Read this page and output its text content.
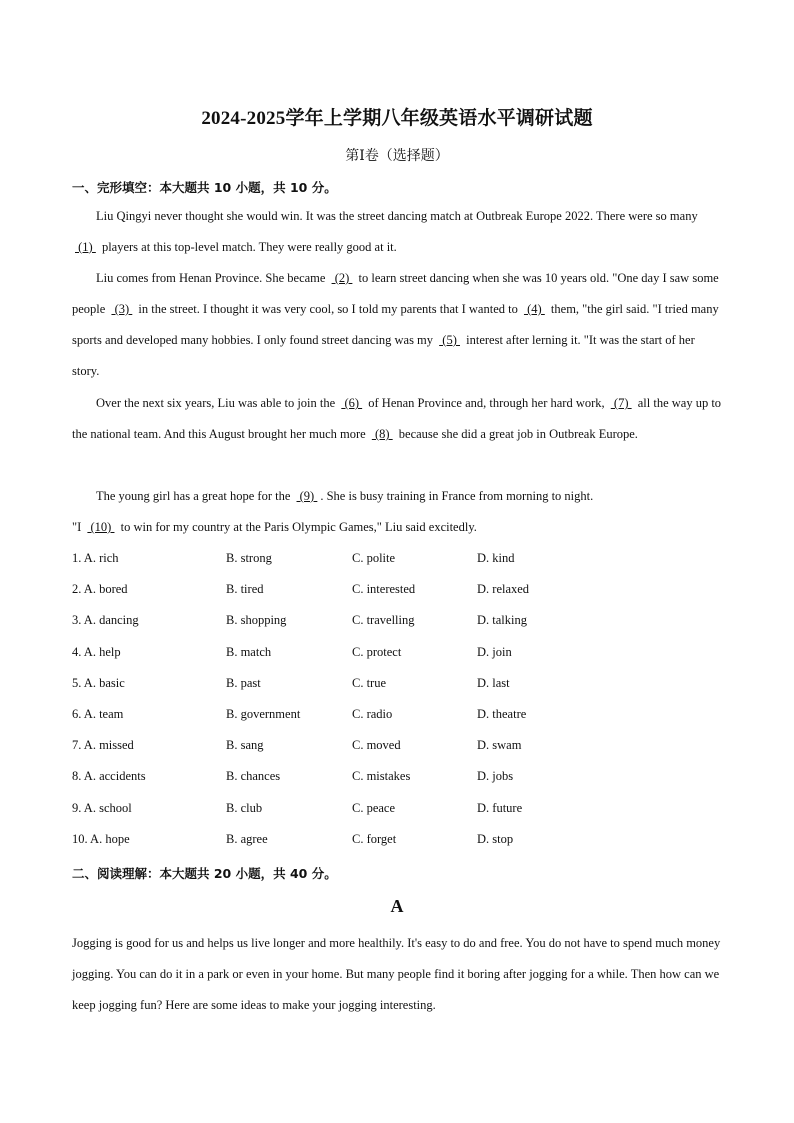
2024-2025学年上学期八年级英语水平调研试题
第Ⅰ卷（选择题）
一、完形填空：本大题共 10 小题，共 10 分。

Liu Qingyi never thought she would win. It was the street dancing match at Outbreak Europe 2022. There were so many  (1)  players at this top-level match. They were really good at it.

Liu comes from Henan Province. She became  (2)  to learn street dancing when she was 10 years old. "One day I saw some people  (3)  in the street. I thought it was very cool, so I told my parents that I wanted to  (4)  them, "the girl said. "I tried many sports and developed many hobbies. I only found street dancing was my  (5)  interest after lerning it. "It was the start of her story.

Over the next six years, Liu was able to join the  (6)  of Henan Province and, through her hard work,  (7)  all the way up to the national team. And this August brought her much more  (8)  because she did a great job in Outbreak Europe.

The young girl has a great hope for the  (9) . She is busy training in France from morning to night.
"I  (10)  to win for my country at the Paris Olympic Games," Liu said excitedly.

1. A. rich	B. strong	C. polite	D. kind
2. A. bored	B. tired	C. interested	D. relaxed
3. A. dancing	B. shopping	C. travelling	D. talking
4. A. help	B. match	C. protect	D. join
5. A. basic	B. past	C. true	D. last
6. A. team	B. government	C. radio	D. theatre
7. A. missed	B. sang	C. moved	D. swam
8. A. accidents	B. chances	C. mistakes	D. jobs
9. A. school	B. club	C. peace	D. future
10. A. hope	B. agree	C. forget	D. stop
二、阅读理解：本大题共 20 小题，共 40 分。
A

Jogging is good for us and helps us live longer and more healthily. It's easy to do and free. You do not have to spend much money jogging. You can do it in a park or even in your home. But many people find it boring after jogging for a while. Then how can we keep jogging fun? Here are some ideas to make your jogging interesting.
